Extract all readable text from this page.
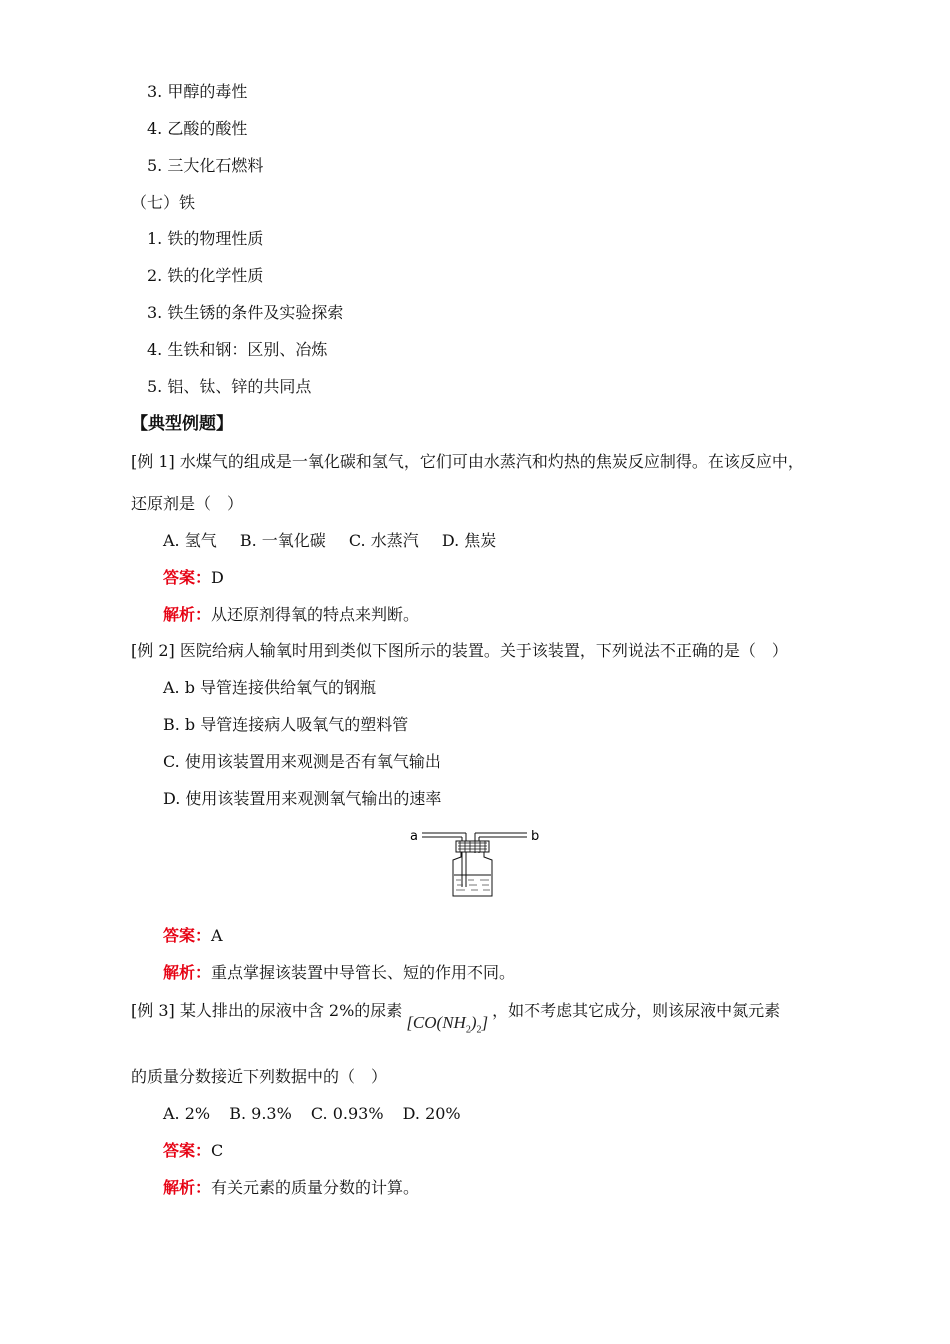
3. 甲醇的毒性
4. 乙酸的酸性
5. 三大化石燃料
（七）铁
1. 铁的物理性质
2. 铁的化学性质
3. 铁生锈的条件及实验探索
4. 生铁和钢：区别、冶炼
5. 铝、钛、锌的共同点
【典型例题】
[例 1] 水煤气的组成是一氧化碳和氢气，它们可由水蒸汽和灼热的焦炭反应制得。在该反应中，
还原剂是（　）
A. 氢气 B. 一氧化碳 C. 水蒸汽 D. 焦炭
答案：D
解析：从还原剂得氧的特点来判断。
[例 2] 医院给病人输氧时用到类似下图所示的装置。关于该装置，下列说法不正确的是（　）
A. b 导管连接供给氧气的钢瓶
B. b 导管连接病人吸氧气的塑料管
C. 使用该装置用来观测是否有氧气输出
D. 使用该装置用来观测氧气输出的速率
a	b
答案：A
解析：重点掌握该装置中导管长、短的作用不同。
[例 3] 某人排出的尿液中含 2%的尿素$[CO(NH_2)_2]$，如不考虑其它成分，则该尿液中氮元素
的质量分数接近下列数据中的（　）
A. 2% B. 9.3% C. 0.93% D. 20%
答案：C
解析：有关元素的质量分数的计算。
